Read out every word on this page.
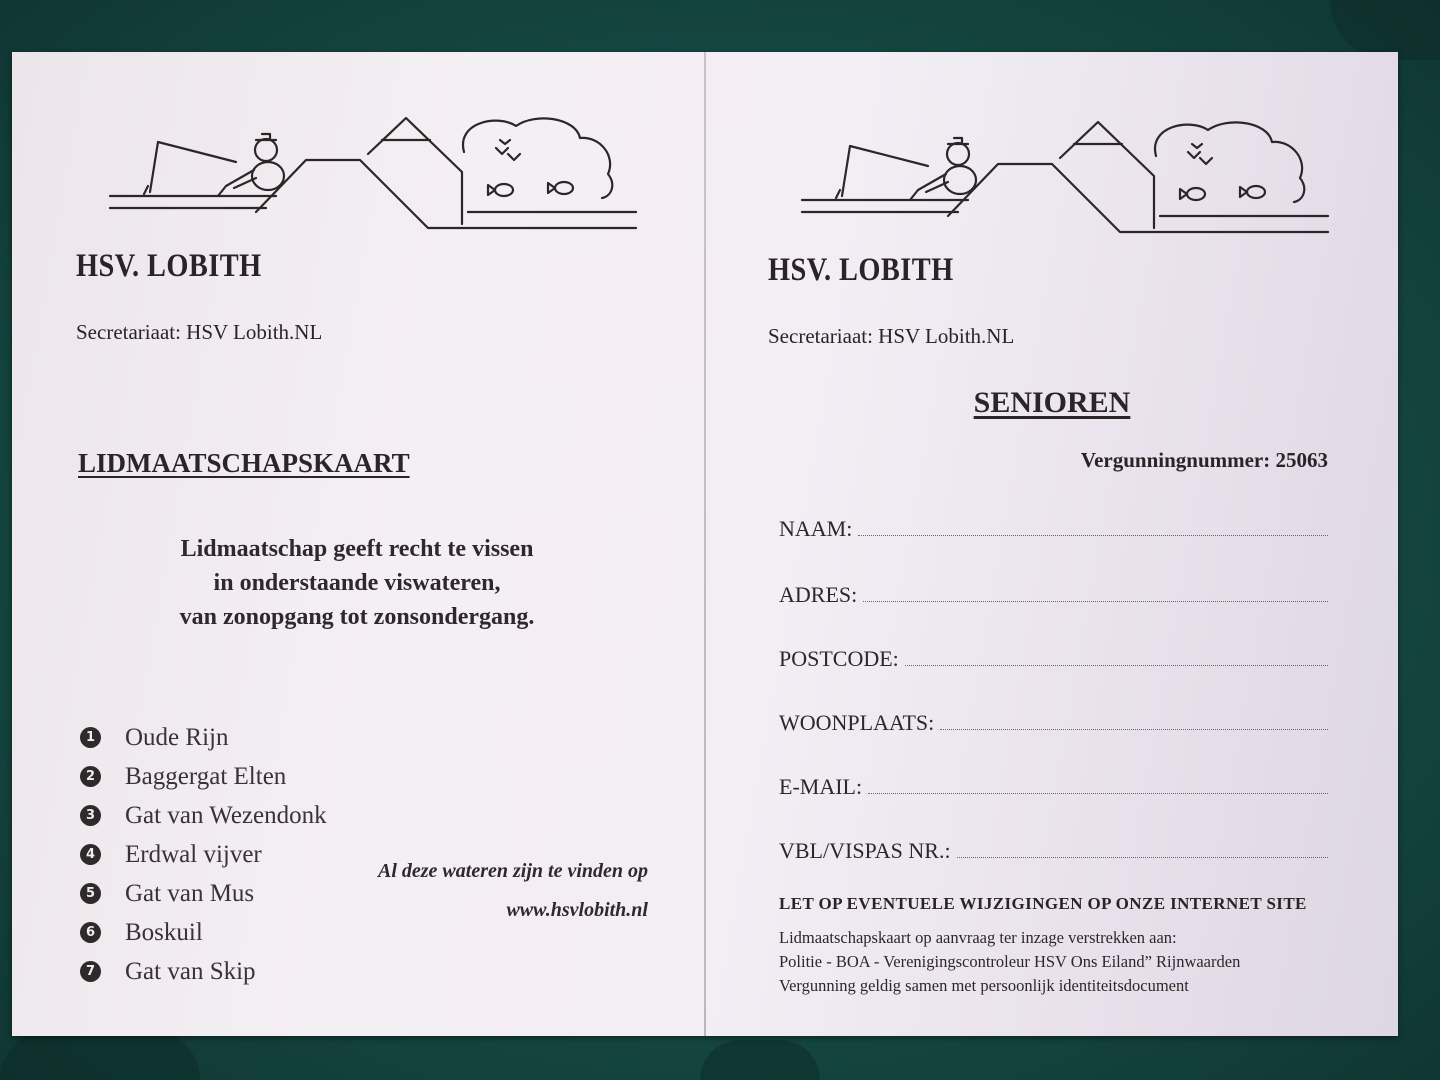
HSV. LOBITH
Secretariaat: HSV Lobith.NL
LIDMAATSCHAPSKAART
Lidmaatschap geeft recht te vissen
in onderstaande viswateren,
van zonopgang tot zonsondergang.
1 Oude Rijn
2 Baggergat Elten
3 Gat van Wezendonk
4 Erdwal vijver
5 Gat van Mus
6 Boskuil
7 Gat van Skip
Al deze wateren zijn te vinden op
www.hsvlobith.nl
HSV. LOBITH
Secretariaat: HSV Lobith.NL
SENIOREN
Vergunningnummer: 25063
NAAM:
ADRES:
POSTCODE:
WOONPLAATS:
E-MAIL:
VBL/VISPAS NR.:
LET OP EVENTUELE WIJZIGINGEN OP ONZE INTERNET SITE
Lidmaatschapskaart op aanvraag ter inzage verstrekken aan:
Politie - BOA - Verenigingscontroleur HSV Ons Eiland” Rijnwaarden
Vergunning geldig samen met persoonlijk identiteitsdocument
